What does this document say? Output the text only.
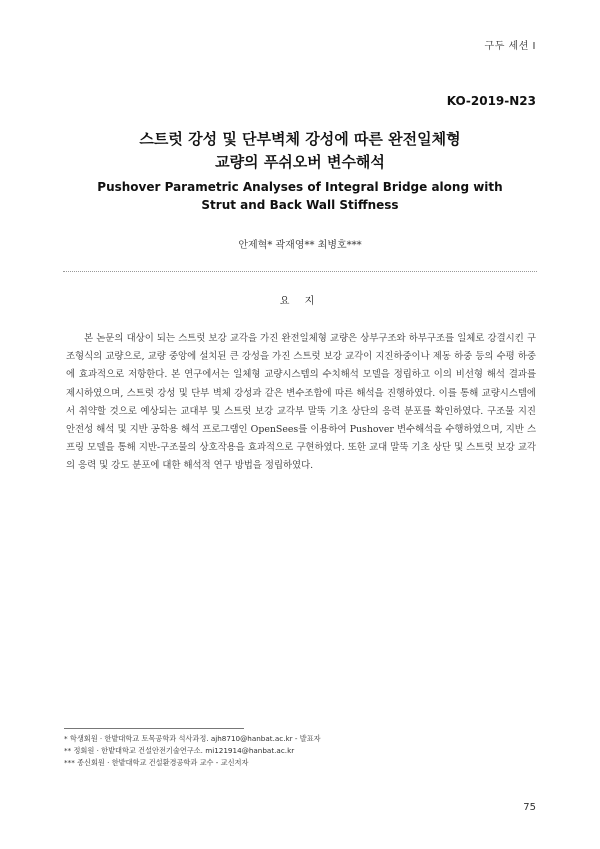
구두 세션 Ⅰ
KO-2019-N23
스트럿 강성 및 단부벽체 강성에 따른 완전일체형
교량의 푸쉬오버 변수해석
Pushover Parametric Analyses of Integral Bridge along with
Strut and Back Wall Stiffness
안제혁* 곽재영** 최병호***
요 지

본 논문의 대상이 되는 스트럿 보강 교각을 가진 완전일체형 교량은 상부구조와 하부구조를 일체로 강결시킨 구조형식의 교량으로, 교량 중앙에 설치된 큰 강성을 가진 스트럿 보강 교각이 지진하중이나 제동 하중 등의 수평 하중에 효과적으로 저항한다. 본 연구에서는 일체형 교량시스템의 수치해석 모델을 정립하고 이의 비선형 해석 결과를 제시하였으며, 스트럿 강성 및 단부 벽체 강성과 같은 변수조합에 따른 해석을 진행하였다. 이를 통해 교량시스템에서 취약할 것으로 예상되는 교대부 및 스트럿 보강 교각부 말뚝 기초 상단의 응력 분포를 확인하였다. 구조물 지진 안전성 해석 및 지반 공학용 해석 프로그램인 OpenSees를 이용하여 Pushover 변수해석을 수행하였으며, 지반 스프링 모델을 통해 지반-구조물의 상호작용을 효과적으로 구현하였다. 또한 교대 말뚝 기초 상단 및 스트럿 보강 교각의 응력 및 강도 분포에 대한 해석적 연구 방법을 정립하였다.

* 학생회원 · 한밭대학교 토목공학과 석사과정. ajh8710@hanbat.ac.kr - 발표자
** 정회원 · 한밭대학교 건설안전기술연구소. mi121914@hanbat.ac.kr
*** 종신회원 · 한밭대학교 건설환경공학과 교수 - 교신저자
75
